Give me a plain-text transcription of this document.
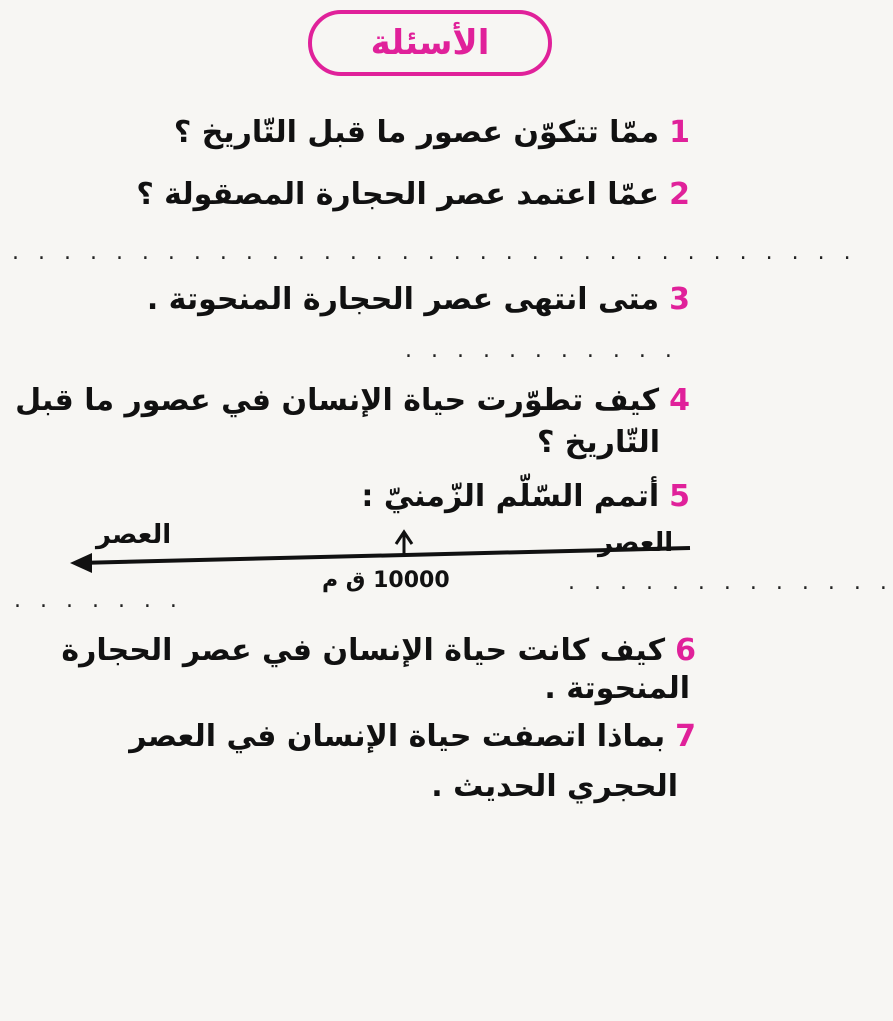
الأسئلة
1ممّا تتكوّن عصور ما قبل التّاريخ ؟
2عمّا اعتمد عصر الحجارة المصقولة ؟
. . . . . . . . . . . . . . . . . . . . . . . . . . . . . . . . .
3متى انتهى عصر الحجارة المنحوتة .
. . . . . . . . . . .
4كيف تطوّرت حياة الإنسان في عصور ما قبل
التّاريخ ؟
5أتمم السّلّم الزّمنيّ :
العصر	العصر
10000 ق م	. . . . . . . . . . . . .
. . . . . . .
6كيف كانت حياة الإنسان في عصر الحجارة
المنحوتة .
7بماذا اتصفت حياة الإنسان في العصر
الحجري الحديث .
